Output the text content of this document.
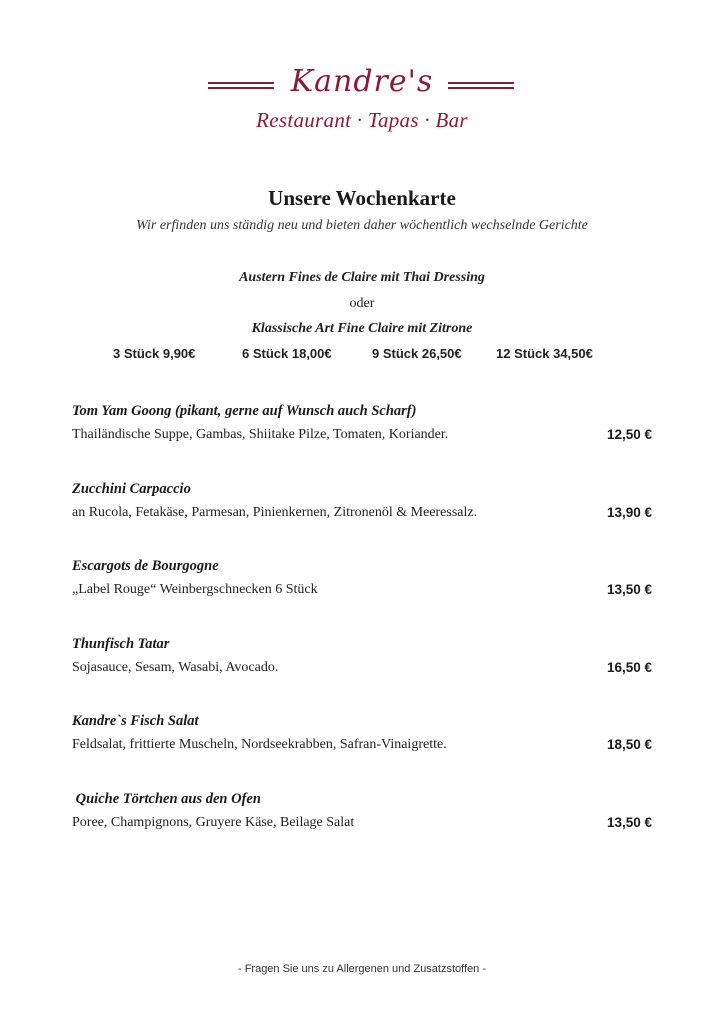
Kandre's
Restaurant · Tapas · Bar
Unsere Wochenkarte
Wir erfinden uns ständig neu und bieten daher wöchentlich wechselnde Gerichte
Austern Fines de Claire mit Thai Dressing
oder
Klassische Art Fine Claire mit Zitrone
3 Stück 9,90€	6 Stück 18,00€	9 Stück 26,50€	12 Stück 34,50€
Tom Yam Goong (pikant, gerne auf Wunsch auch Scharf)
Thailändische Suppe, Gambas, Shiitake Pilze, Tomaten, Koriander.	12,50 €
Zucchini Carpaccio
an Rucola, Fetakäse, Parmesan, Pinienkernen, Zitronenöl & Meeressalz.	13,90 €
Escargots de Bourgogne
„Label Rouge“ Weinbergschnecken 6 Stück	13,50 €
Thunfisch Tatar
Sojasauce, Sesam, Wasabi, Avocado.	16,50 €
Kandre`s Fisch Salat
Feldsalat, frittierte Muscheln, Nordseekrabben, Safran-Vinaigrette.	18,50 €
Quiche Törtchen aus den Ofen
Poree, Champignons, Gruyere Käse, Beilage Salat	13,50 €
- Fragen Sie uns zu Allergenen und Zusatzstoffen -
